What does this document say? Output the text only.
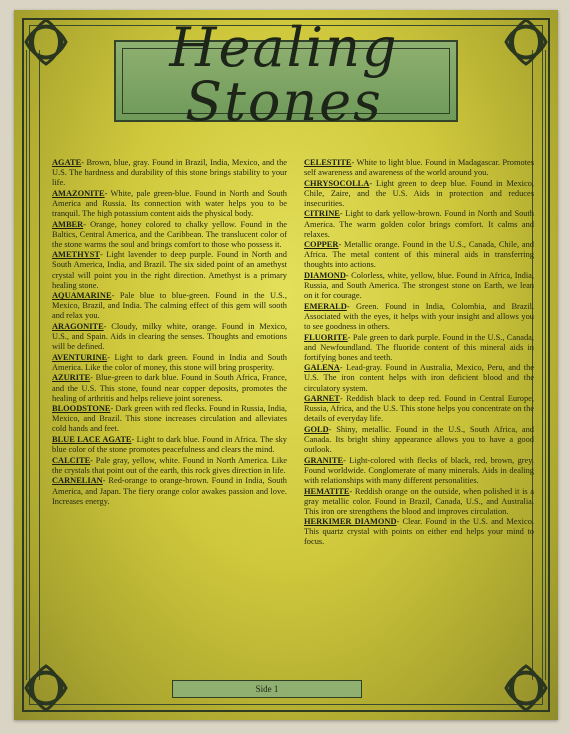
Healing
Stones
AGATE- Brown, blue, gray. Found in Brazil, India, Mexico, and the U.S. The hardness and durability of this stone brings stability to your life.
AMAZONITE- White, pale green-blue. Found in North and South America and Russia. Its connection with water helps you to be tranquil. The high potassium content aids the physical body.
AMBER- Orange, honey colored to chalky yellow. Found in the Baltics, Central America, and the Caribbean. The translucent color of the stone warms the soul and brings comfort to those who possess it.
AMETHYST- Light lavender to deep purple. Found in North and South America, India, and Brazil. The six sided point of an amethyst crystal will point you in the right direction. Amethyst is a primary healing stone.
AQUAMARINE- Pale blue to blue-green. Found in the U.S., Mexico, Brazil, and India. The calming effect of this gem will sooth and relax you.
ARAGONITE- Cloudy, milky white, orange. Found in Mexico, U.S., and Spain. Aids in clearing the senses. Thoughts and emotions will be defined.
AVENTURINE- Light to dark green. Found in India and South America. Like the color of money, this stone will bring prosperity.
AZURITE- Blue-green to dark blue. Found in South Africa, France, and the U.S. This stone, found near copper deposits, promotes the healing of arthritis and helps relieve joint soreness.
BLOODSTONE- Dark green with red flecks. Found in Russia, India, Mexico, and Brazil. This stone increases circulation and alleviates cold hands and feet.
BLUE LACE AGATE- Light to dark blue. Found in Africa. The sky blue color of the stone promotes peacefulness and clears the mind.
CALCITE- Pale gray, yellow, white. Found in North America. Like the crystals that point out of the earth, this rock gives direction in life.
CARNELIAN- Red-orange to orange-brown. Found in India, South America, and Japan. The fiery orange color awakes passion and love. Increases energy.
CELESTITE- White to light blue. Found in Madagascar. Promotes self awareness and awareness of the world around you.
CHRYSOCOLLA- Light green to deep blue. Found in Mexico, Chile, Zaire, and the U.S. Aids in protection and reduces insecurities.
CITRINE- Light to dark yellow-brown. Found in North and South America. The warm golden color brings comfort. It calms and relaxes.
COPPER- Metallic orange. Found in the U.S., Canada, Chile, and Africa. The metal content of this mineral aids in transferring thoughts into actions.
DIAMOND- Colorless, white, yellow, blue. Found in Africa, India, Russia, and South America. The strongest stone on Earth, we lean on it for courage.
EMERALD- Green. Found in India, Colombia, and Brazil. Associated with the eyes, it helps with your insight and allows you to see goodness in others.
FLUORITE- Pale green to dark purple. Found in the U.S., Canada, and Newfoundland. The fluoride content of this mineral aids in fortifying bones and teeth.
GALENA- Lead-gray. Found in Australia, Mexico, Peru, and the U.S. The iron content helps with iron deficient blood and the circulatory system.
GARNET- Reddish black to deep red. Found in Central Europe, Russia, Africa, and the U.S. This stone helps you concentrate on the details of everyday life.
GOLD- Shiny, metallic. Found in the U.S., South Africa, and Canada. Its bright shiny appearance allows you to have a good outlook.
GRANITE- Light-colored with flecks of black, red, brown, grey. Found worldwide. Conglomerate of many minerals. Aids in dealing with relationships with many different personalities.
HEMATITE- Reddish orange on the outside, when polished it is a gray metallic color. Found in Brazil, Canada, U.S., and Australia. This iron ore strengthens the blood and improves circulation.
HERKIMER DIAMOND- Clear. Found in the U.S. and Mexico. This quartz crystal with points on either end helps your mind to focus.
Side 1
